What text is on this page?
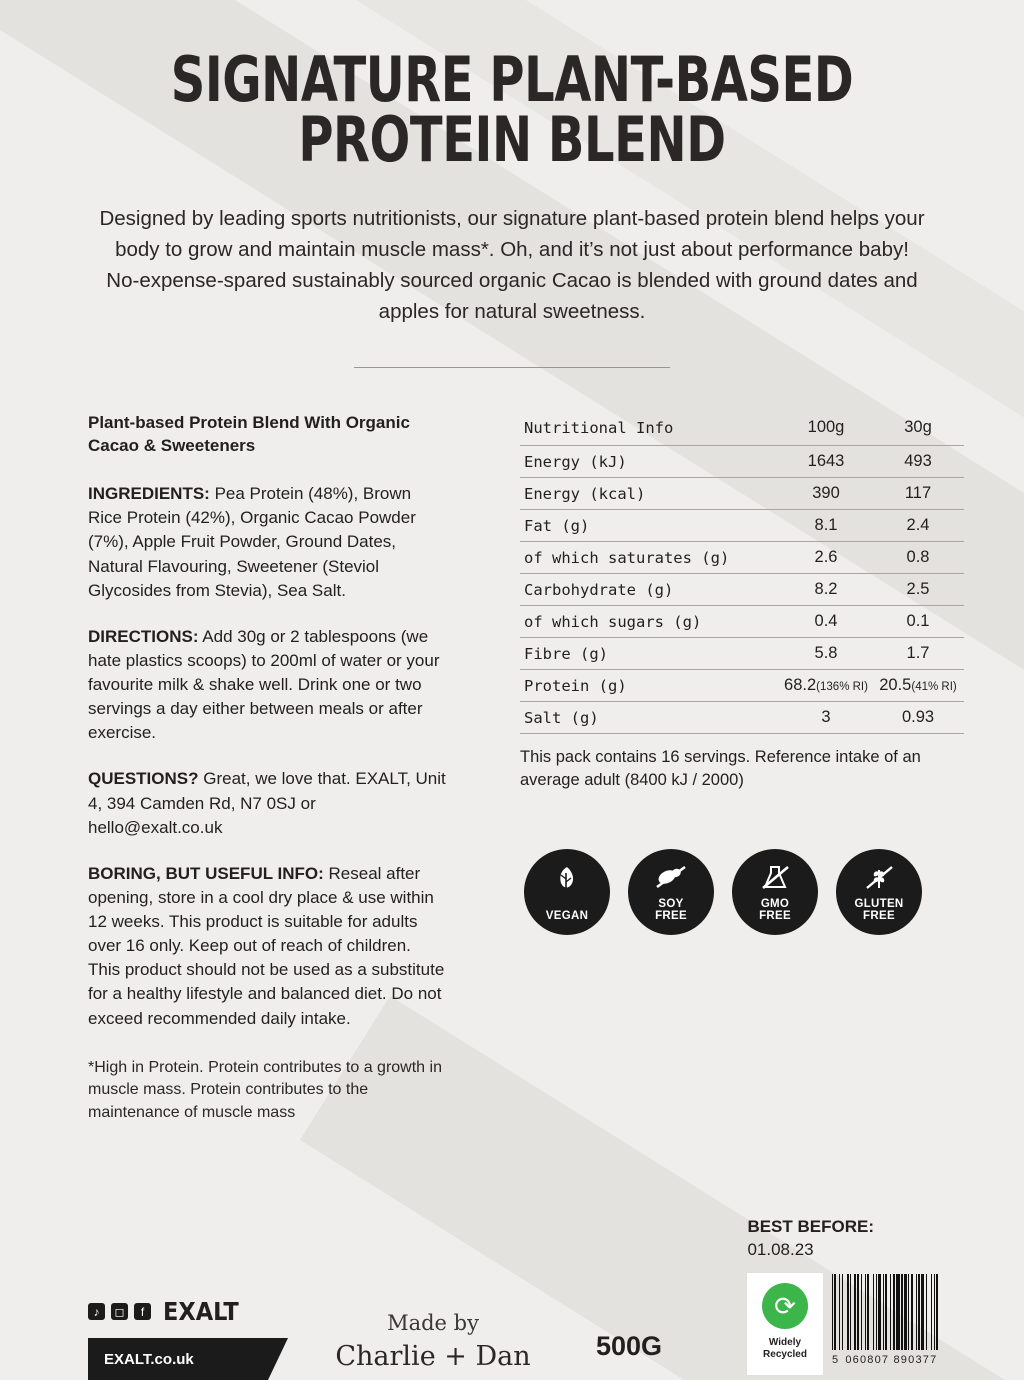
SIGNATURE PLANT-BASED
PROTEIN BLEND
Designed by leading sports nutritionists, our signature plant-based protein blend helps your body to grow and maintain muscle mass*. Oh, and it’s not just about performance baby! No-expense-spared sustainably sourced organic Cacao is blended with ground dates and apples for natural sweetness.
Plant-based Protein Blend With Organic Cacao & Sweeteners

INGREDIENTS: Pea Protein (48%), Brown Rice Protein (42%), Organic Cacao Powder (7%), Apple Fruit Powder, Ground Dates, Natural Flavouring, Sweetener (Steviol Glycosides from Stevia), Sea Salt.

DIRECTIONS: Add 30g or 2 tablespoons (we hate plastics scoops) to 200ml of water or your favourite milk & shake well. Drink one or two servings a day either between meals or after exercise.

QUESTIONS? Great, we love that. EXALT, Unit 4, 394 Camden Rd, N7 0SJ or hello@exalt.co.uk

BORING, BUT USEFUL INFO: Reseal after opening, store in a cool dry place & use within 12 weeks. This product is suitable for adults over 16 only. Keep out of reach of children. This product should not be used as a substitute for a healthy lifestyle and balanced diet. Do not exceed recommended daily intake.

*High in Protein. Protein contributes to a growth in muscle mass. Protein contributes to the maintenance of muscle mass

Nutritional Info	100g	30g
Energy (kJ)	1643	493
Energy (kcal)	390	117
Fat (g)	8.1	2.4
of which saturates (g)	2.6	0.8
Carbohydrate (g)	8.2	2.5
of which sugars (g)	0.4	0.1
Fibre (g)	5.8	1.7
Protein (g)	68.2(136% RI)	20.5(41% RI)
Salt (g)	3	0.93
This pack contains 16 servings. Reference intake of an average adult (8400 kJ / 2000)
VEGAN
SOY
FREE
GMO
FREE
GLUTEN
FREE
BEST BEFORE:
01.08.23
♪	◻	f EXALT
EXALT.co.uk
Made by
Charlie + Dan	500G
⟳
Widely
Recycled 5 060807 890377
